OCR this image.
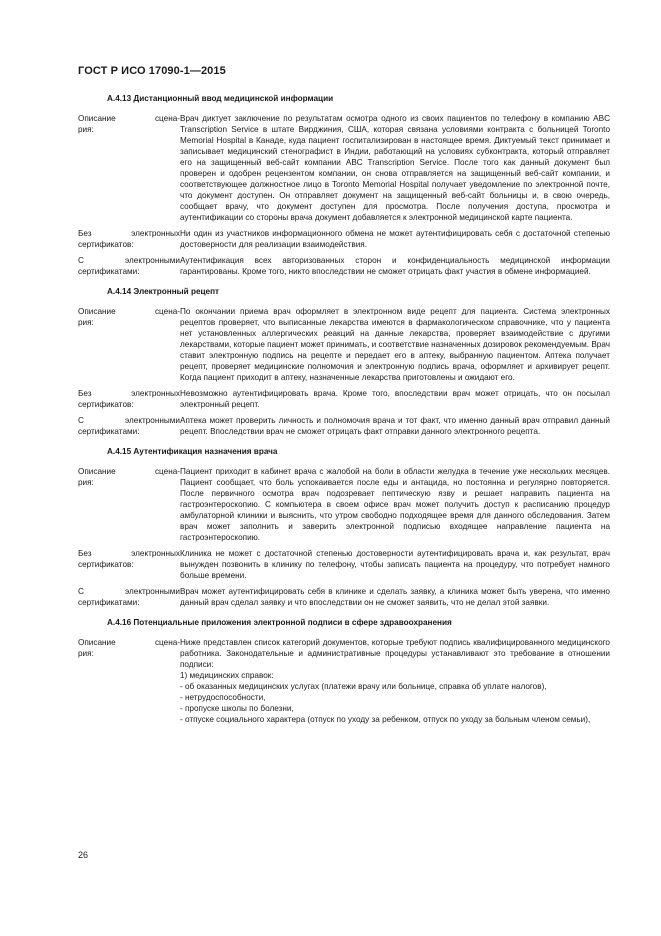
ГОСТ Р ИСО 17090-1—2015
А.4.13 Дистанционный ввод медицинской информации
Описание сцена-
рия:

Врач диктует заключение по результатам осмотра одного из своих пациентов по телефону в компанию ABC Transcription Service в штате Вирджиния, США, которая связана условиями контракта с больницей Toronto Memorial Hospital в Канаде, куда пациент госпитализирован в настоящее время. Диктуемый текст принимает и записывает медицинский стенографист в Индии, работающий на условиях субконтракта, который отправляет его на защищенный веб-сайт компании ABC Transcription Service. После того как данный документ был проверен и одобрен рецензентом компании, он снова отправляется на защищенный веб-сайт компании, и соответствующее должностное лицо в Toronto Memorial Hospital получает уведомление по электронной почте, что документ доступен. Он отправляет документ на защищенный веб-сайт больницы и, в свою очередь, сообщает врачу, что документ доступен для просмотра. После получения доступа, просмотра и аутентификации со стороны врача документ добавляется к электронной медицинской карте пациента.

Без электронных
сертификатов:

Ни один из участников информационного обмена не может аутентифицировать себя с достаточной степенью достоверности для реализации взаимодействия.

С электронными
сертификатами:

Аутентификация всех авторизованных сторон и конфиденциальность медицинской информации гарантированы. Кроме того, никто впоследствии не сможет отрицать факт участия в обмене информацией.

А.4.14 Электронный рецепт
Описание сцена-
рия:

По окончании приема врач оформляет в электронном виде рецепт для пациента. Система электронных рецептов проверяет, что выписанные лекарства имеются в фармакологическом справочнике, что у пациента нет установленных аллергических реакций на данные лекарства, проверяет взаимодействие с другими лекарствами, которые пациент может принимать, и соответствие назначенных дозировок рекомендуемым. Врач ставит электронную подпись на рецепте и передает его в аптеку, выбранную пациентом. Аптека получает рецепт, проверяет медицинские полномочия и электронную подпись врача, оформляет и архивирует рецепт. Когда пациент приходит в аптеку, назначенные лекарства приготовлены и ожидают его.

Без электронных
сертификатов:

Невозможно аутентифицировать врача. Кроме того, впоследствии врач может отрицать, что он посылал электронный рецепт.

С электронными
сертификатами:

Аптека может проверить личность и полномочия врача и тот факт, что именно данный врач отправил данный рецепт. Впоследствии врач не сможет отрицать факт отправки данного электронного рецепта.

А.4.15 Аутентификация назначения врача
Описание сцена-
рия:

Пациент приходит в кабинет врача с жалобой на боли в области желудка в течение уже нескольких месяцев. Пациент сообщает, что боль успокаивается после еды и антацида, но постоянна и регулярно повторяется. После первичного осмотра врач подозревает пептическую язву и решает направить пациента на гастроэнтероскопию. С компьютера в своем офисе врач может получить доступ к расписанию процедур амбулаторной клиники и выяснить, что утром свободно подходящее время для данного обследования. Затем врач может заполнить и заверить электронной подписью входящее направление пациента на гастроэнтероскопию.

Без электронных
сертификатов:

Клиника не может с достаточной степенью достоверности аутентифицировать врача и, как результат, врач вынужден позвонить в клинику по телефону, чтобы записать пациента на процедуру, что потребует намного больше времени.

С электронными
сертификатами:

Врач может аутентифицировать себя в клинике и сделать заявку, а клиника может быть уверена, что именно данный врач сделал заявку и что впоследствии он не сможет заявить, что не делал этой заявки.

А.4.16 Потенциальные приложения электронной подписи в сфере здравоохранения
Описание сцена-
рия:

Ниже представлен список категорий документов, которые требуют подпись квалифицированного медицинского работника. Законодательные и административные процедуры устанавливают это требование в отношении подписи:

1) медицинских справок:
- об оказанных медицинских услугах (платежи врачу или больнице, справка об уплате налогов),
- нетрудоспособности,
- пропуске школы по болезни,
- отпуске социального характера (отпуск по уходу за ребенком, отпуск по уходу за больным членом семьи),
26
